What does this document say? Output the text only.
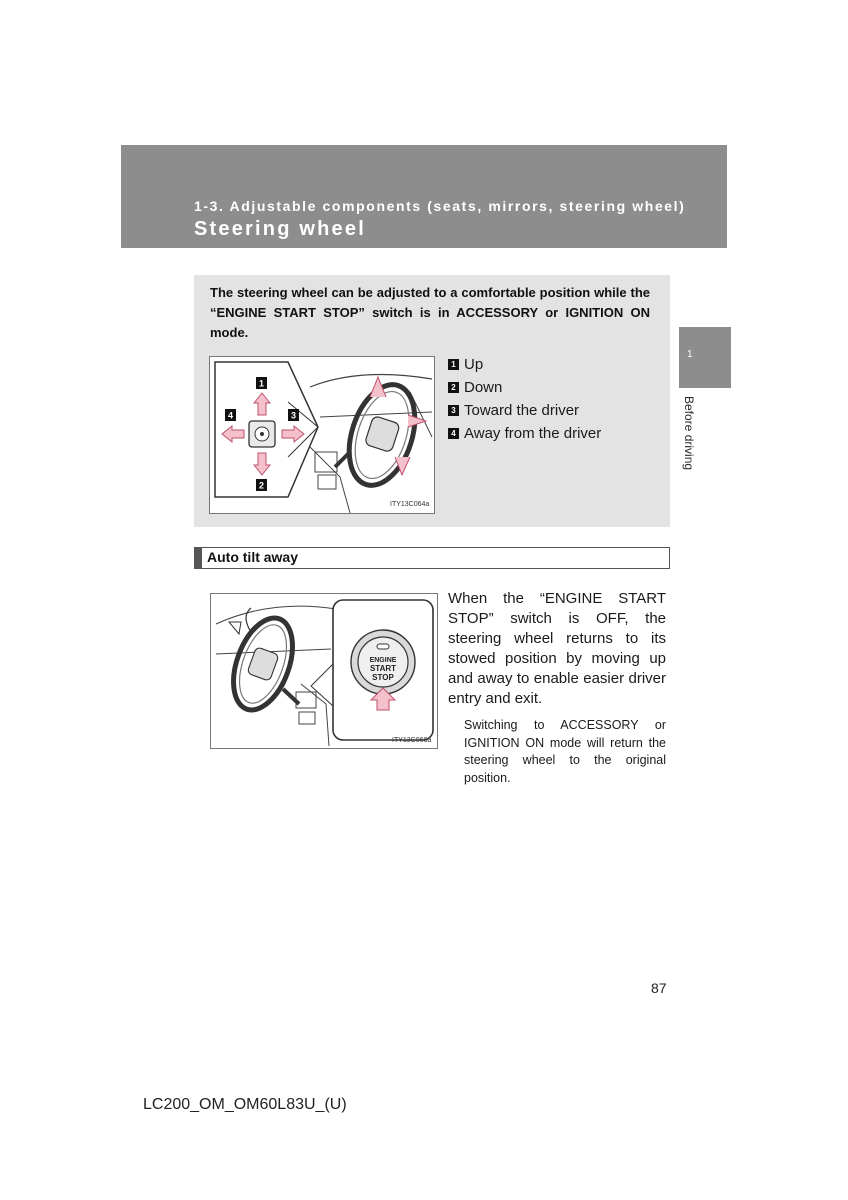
1-3. Adjustable components (seats, mirrors, steering wheel)

Steering wheel
1
Before driving

The steering wheel can be adjusted to a comfortable position while the “ENGINE START STOP” switch is in ACCESSORY or IGNITION ON mode.

1
2
3
4
ITY13C064a
1 Up
2 Down
3 Toward the driver
4 Away from the driver
Auto tilt away
ENGINE
START
STOP
ITY13C066a

When the “ENGINE START STOP” switch is OFF, the steering wheel returns to its stowed position by moving up and away to enable easier driver entry and exit.

Switching to ACCESSORY or IGNITION ON mode will return the steering wheel to the original position.

87
LC200_OM_OM60L83U_(U)
